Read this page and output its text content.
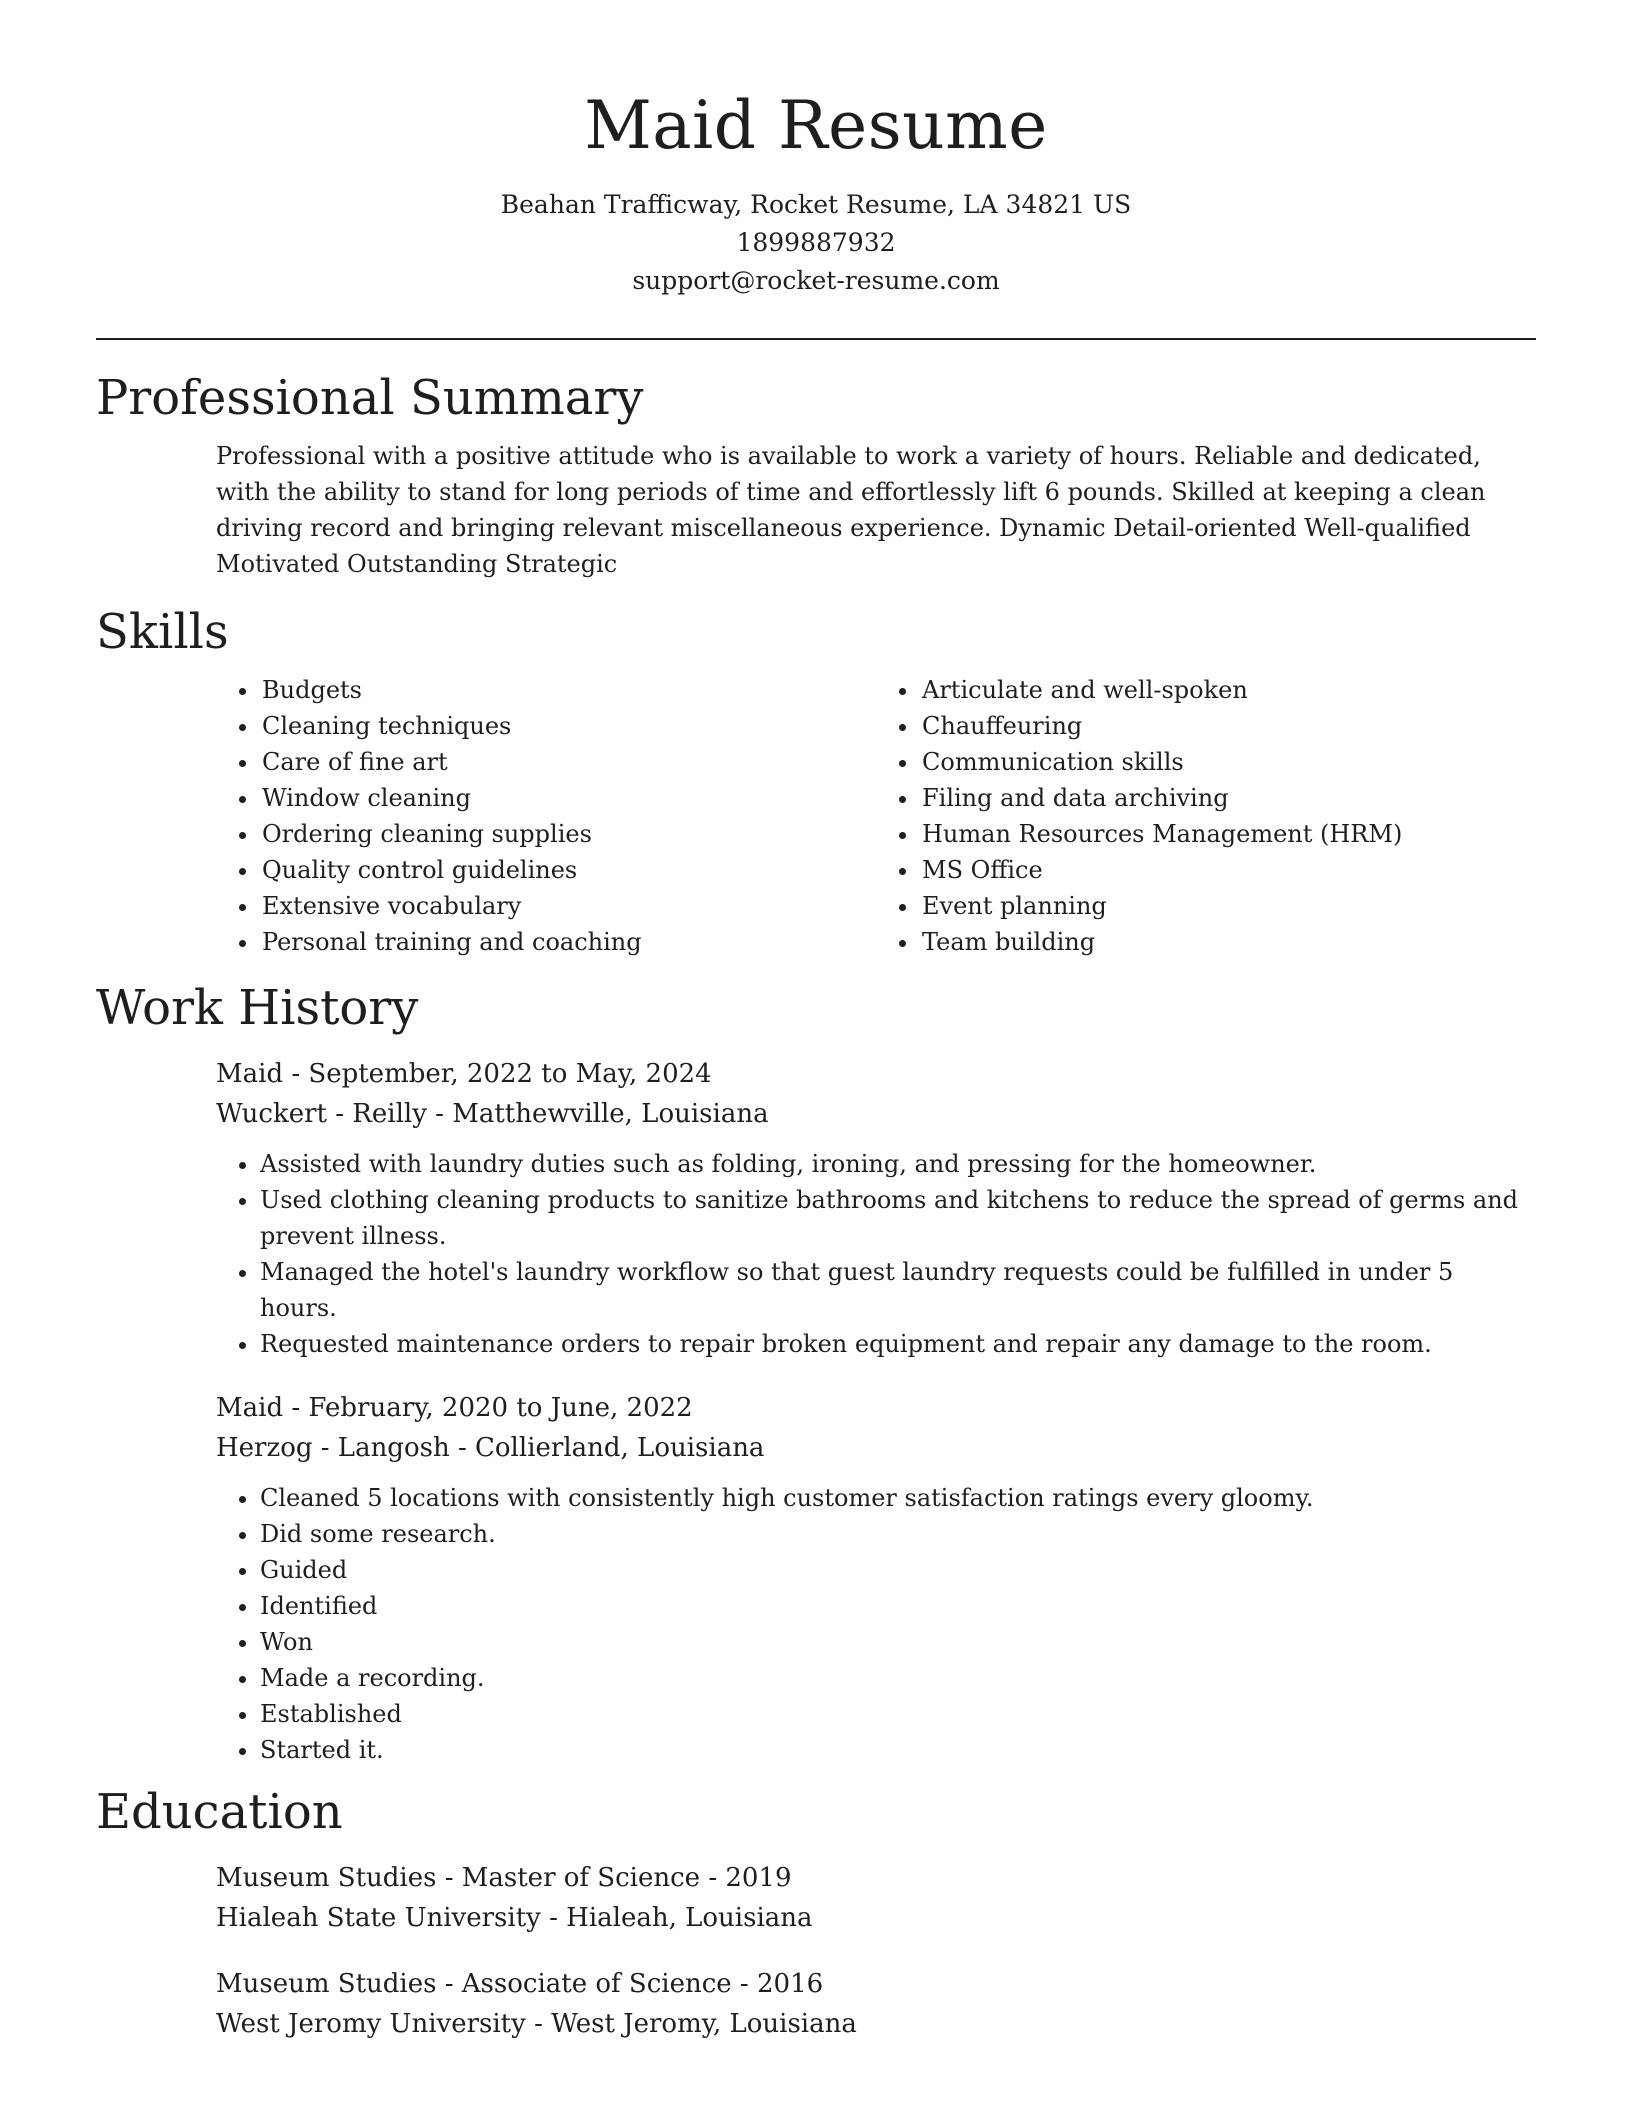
Maid Resume
Beahan Trafficway, Rocket Resume, LA 34821 US
1899887932
support@rocket-resume.com
Professional Summary

Professional with a positive attitude who is available to work a variety of hours. Reliable and dedicated, with the ability to stand for long periods of time and effortlessly lift 6 pounds. Skilled at keeping a clean driving record and bringing relevant miscellaneous experience. Dynamic Detail-oriented Well-qualified Motivated Outstanding Strategic

Skills
• Budgets
• Cleaning techniques
• Care of fine art
• Window cleaning
• Ordering cleaning supplies
• Quality control guidelines
• Extensive vocabulary
• Personal training and coaching
• Articulate and well-spoken
• Chauffeuring
• Communication skills
• Filing and data archiving
• Human Resources Management (HRM)
• MS Office
• Event planning
• Team building
Work History
Maid - September, 2022 to May, 2024
Wuckert - Reilly - Matthewville, Louisiana
• Assisted with laundry duties such as folding, ironing, and pressing for the homeowner.
• Used clothing cleaning products to sanitize bathrooms and kitchens to reduce the spread of germs and prevent illness.
• Managed the hotel's laundry workflow so that guest laundry requests could be fulfilled in under 5 hours.
• Requested maintenance orders to repair broken equipment and repair any damage to the room.
Maid - February, 2020 to June, 2022
Herzog - Langosh - Collierland, Louisiana
• Cleaned 5 locations with consistently high customer satisfaction ratings every gloomy.
• Did some research.
• Guided
• Identified
• Won
• Made a recording.
• Established
• Started it.
Education
Museum Studies - Master of Science - 2019
Hialeah State University - Hialeah, Louisiana
Museum Studies - Associate of Science - 2016
West Jeromy University - West Jeromy, Louisiana
